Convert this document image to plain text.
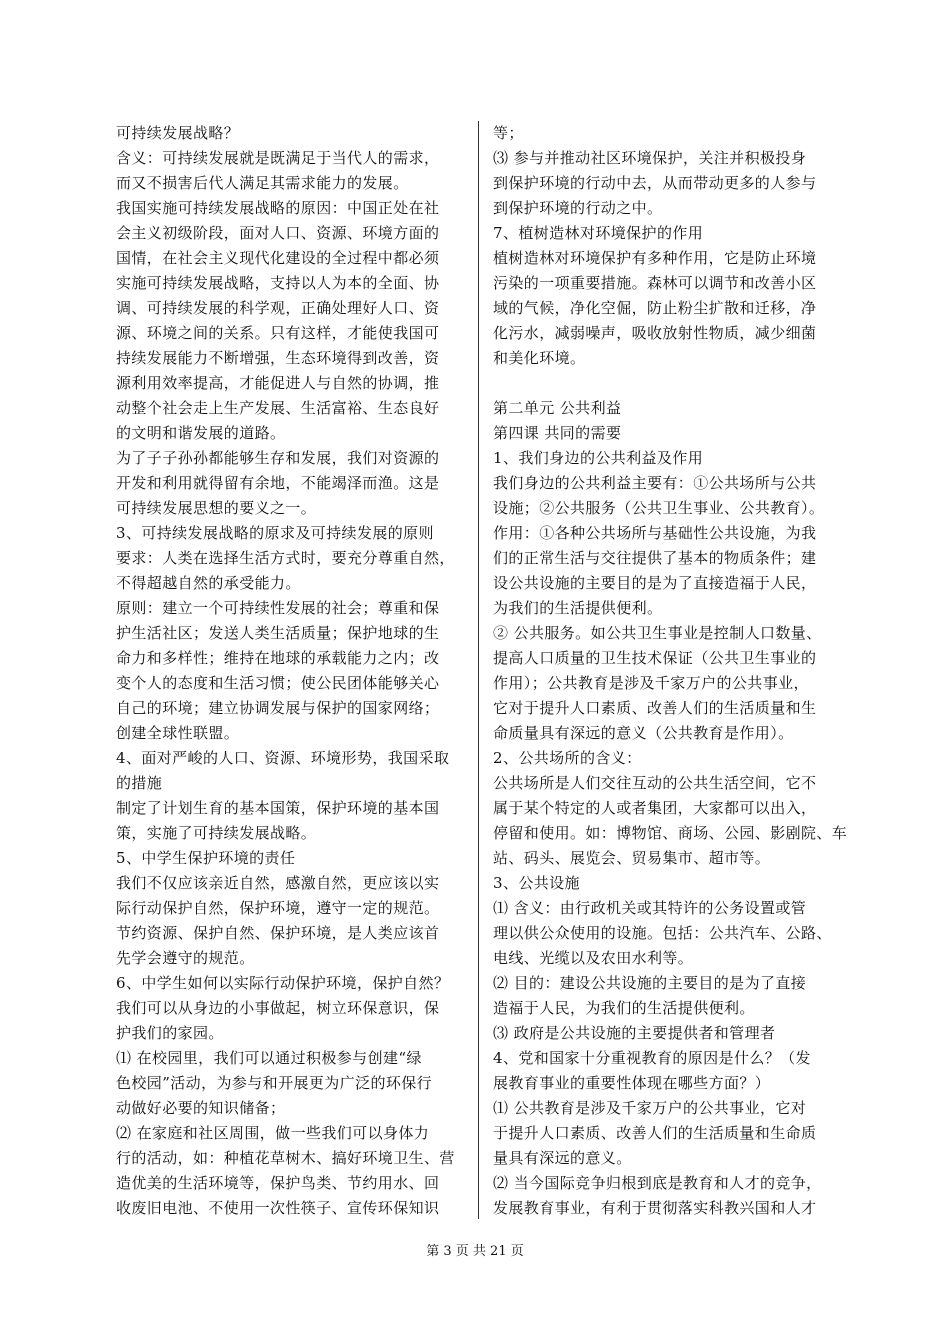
可持续发展战略？
含义：可持续发展就是既满足于当代人的需求，
而又不损害后代人满足其需求能力的发展。
我国实施可持续发展战略的原因：中国正处在社
会主义初级阶段，面对人口、资源、环境方面的
国情，在社会主义现代化建设的全过程中都必须
实施可持续发展战略，支持以人为本的全面、协
调、可持续发展的科学观，正确处理好人口、资
源、环境之间的关系。只有这样，才能使我国可
持续发展能力不断增强，生态环境得到改善，资
源利用效率提高，才能促进人与自然的协调，推
动整个社会走上生产发展、生活富裕、生态良好
的文明和谐发展的道路。
为了子子孙孙都能够生存和发展，我们对资源的
开发和利用就得留有余地，不能竭泽而渔。这是
可持续发展思想的要义之一。
3、可持续发展战略的原求及可持续发展的原则
要求：人类在选择生活方式时，要充分尊重自然，
不得超越自然的承受能力。
原则：建立一个可持续性发展的社会；尊重和保
护生活社区；发送人类生活质量；保护地球的生
命力和多样性；维持在地球的承载能力之内；改
变个人的态度和生活习惯；使公民团体能够关心
自己的环境；建立协调发展与保护的国家网络；
创建全球性联盟。
4、面对严峻的人口、资源、环境形势，我国采取
的措施
制定了计划生育的基本国策，保护环境的基本国
策，实施了可持续发展战略。
5、中学生保护环境的责任
我们不仅应该亲近自然，感激自然，更应该以实
际行动保护自然，保护环境，遵守一定的规范。
节约资源、保护自然、保护环境，是人类应该首
先学会遵守的规范。
6、中学生如何以实际行动保护环境，保护自然？
我们可以从身边的小事做起，树立环保意识，保
护我们的家园。
⑴ 在校园里，我们可以通过积极参与创建“绿
色校园”活动，为参与和开展更为广泛的环保行
动做好必要的知识储备；
⑵ 在家庭和社区周围，做一些我们可以身体力
行的活动，如：种植花草树木、搞好环境卫生、营
造优美的生活环境等，保护鸟类、节约用水、回
收废旧电池、不使用一次性筷子、宣传环保知识
等；
⑶ 参与并推动社区环境保护，关注并积极投身
到保护环境的行动中去，从而带动更多的人参与
到保护环境的行动之中。
7、植树造林对环境保护的作用
植树造林对环境保护有多种作用，它是防止环境
污染的一项重要措施。森林可以调节和改善小区
域的气候，净化空倔，防止粉尘扩散和迁移，净
化污水，减弱噪声，吸收放射性物质，减少细菌
和美化环境。
第二单元 公共利益
第四课 共同的需要
1、我们身边的公共利益及作用
我们身边的公共利益主要有：①公共场所与公共
设施；②公共服务（公共卫生事业、公共教育）。
作用：①各种公共场所与基础性公共设施，为我
们的正常生活与交往提供了基本的物质条件；建
设公共设施的主要目的是为了直接造福于人民，
为我们的生活提供便利。
② 公共服务。如公共卫生事业是控制人口数量、
提高人口质量的卫生技术保证（公共卫生事业的
作用）；公共教育是涉及千家万户的公共事业，
它对于提升人口素质、改善人们的生活质量和生
命质量具有深远的意义（公共教育是作用）。
2、公共场所的含义：
公共场所是人们交往互动的公共生活空间，它不
属于某个特定的人或者集团，大家都可以出入，
停留和使用。如：博物馆、商场、公园、影剧院、车
站、码头、展览会、贸易集市、超市等。
3、公共设施
⑴ 含义：由行政机关或其特许的公务设置或管
理以供公众使用的设施。包括：公共汽车、公路、
电线、光缆以及农田水利等。
⑵ 目的：建设公共设施的主要目的是为了直接
造福于人民，为我们的生活提供便利。
⑶ 政府是公共设施的主要提供者和管理者
4、党和国家十分重视教育的原因是什么？（发
展教育事业的重要性体现在哪些方面？）
⑴ 公共教育是涉及千家万户的公共事业，它对
于提升人口素质、改善人们的生活质量和生命质
量具有深远的意义。
⑵ 当今国际竞争归根到底是教育和人才的竞争，
发展教育事业，有利于贯彻落实科教兴国和人才
第 3 页 共 21 页
